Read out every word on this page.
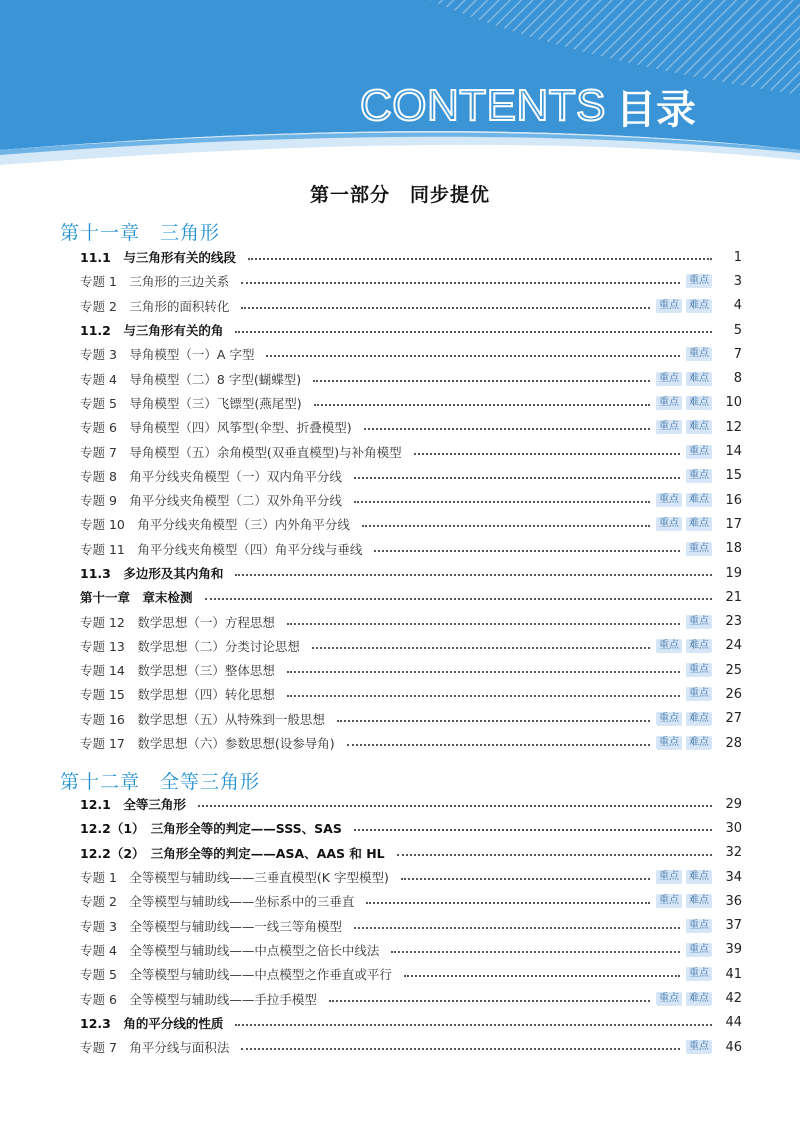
CONTENTS 目录
第一部分　同步提优
第十一章　三角形
11.1　与三角形有关的线段	1
专题 1　三角形的三边关系	重点	3
专题 2　三角形的面积转化	重点	难点	4
11.2　与三角形有关的角	5
专题 3　导角模型（一）A 字型	重点	7
专题 4　导角模型（二）8 字型(蝴蝶型)	重点	难点	8
专题 5　导角模型（三）飞镖型(燕尾型)	重点	难点	10
专题 6　导角模型（四）风筝型(伞型、折叠模型)	重点	难点	12
专题 7　导角模型（五）余角模型(双垂直模型)与补角模型	重点	14
专题 8　角平分线夹角模型（一）双内角平分线	重点	15
专题 9　角平分线夹角模型（二）双外角平分线	重点	难点	16
专题 10　角平分线夹角模型（三）内外角平分线	重点	难点	17
专题 11　角平分线夹角模型（四）角平分线与垂线	重点	18
11.3　多边形及其内角和	19
第十一章　章末检测	21
专题 12　数学思想（一）方程思想	重点	23
专题 13　数学思想（二）分类讨论思想	重点	难点	24
专题 14　数学思想（三）整体思想	重点	25
专题 15　数学思想（四）转化思想	重点	26
专题 16　数学思想（五）从特殊到一般思想	重点	难点	27
专题 17　数学思想（六）参数思想(设参导角)	重点	难点	28
第十二章　全等三角形
12.1　全等三角形	29
12.2（1）　三角形全等的判定——SSS、SAS	30
12.2（2）　三角形全等的判定——ASA、AAS 和 HL	32
专题 1　全等模型与辅助线——三垂直模型(K 字型模型)	重点	难点	34
专题 2　全等模型与辅助线——坐标系中的三垂直	重点	难点	36
专题 3　全等模型与辅助线——一线三等角模型	重点	37
专题 4　全等模型与辅助线——中点模型之倍长中线法	重点	39
专题 5　全等模型与辅助线——中点模型之作垂直或平行	重点	41
专题 6　全等模型与辅助线——手拉手模型	重点	难点	42
12.3　角的平分线的性质	44
专题 7　角平分线与面积法	重点	46
